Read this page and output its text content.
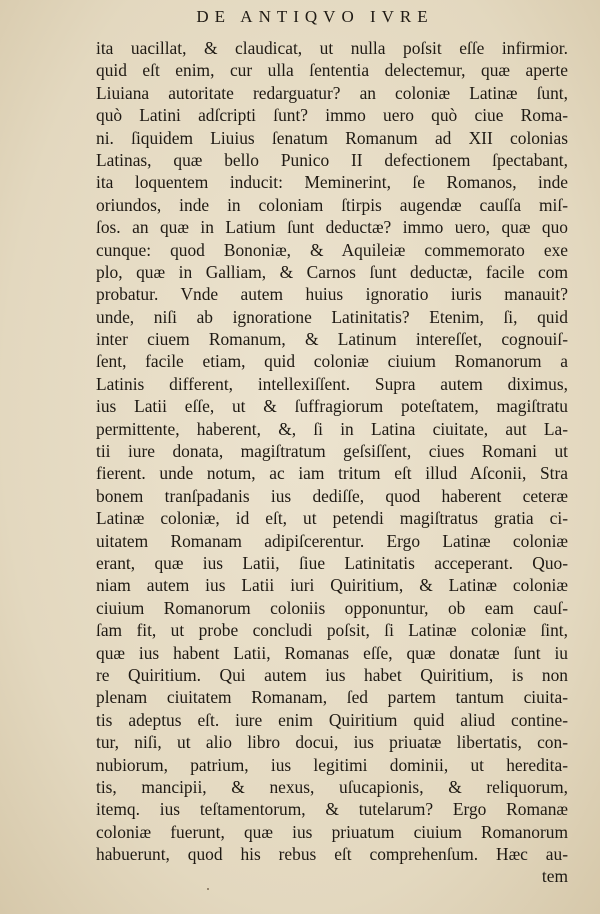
DE ANTIQVO IVRE
ita uacillat, & claudicat, ut nulla poſsit eſſe infirmior.
quid eſt enim, cur ulla ſententia delectemur, quæ aperte
Liuiana autoritate redarguatur? an coloniæ Latinæ ſunt,
quò Latini adſcripti ſunt? immo uero quò ciue Roma-
ni. ſiquidem Liuius ſenatum Romanum ad XII colonias
Latinas, quæ bello Punico II defectionem ſpectabant,
ita loquentem inducit: Meminerint, ſe Romanos, inde
oriundos, inde in coloniam ſtirpis augendæ cauſſa miſ-
ſos. an quæ in Latium ſunt deductæ? immo uero, quæ quo
cunque: quod Bononiæ, & Aquileiæ commemorato exe
plo, quæ in Galliam, & Carnos ſunt deductæ, facile com
probatur. Vnde autem huius ignoratio iuris manauit?
unde, niſi ab ignoratione Latinitatis? Etenim, ſi, quid
inter ciuem Romanum, & Latinum intereſſet, cognouiſ-
ſent, facile etiam, quid coloniæ ciuium Romanorum a
Latinis different, intellexiſſent. Supra autem diximus,
ius Latii eſſe, ut & ſuffragiorum poteſtatem, magiſtratu
permittente, haberent, &, ſi in Latina ciuitate, aut La-
tii iure donata, magiſtratum geſsiſſent, ciues Romani ut
fierent. unde notum, ac iam tritum eſt illud Aſconii, Stra
bonem tranſpadanis ius dediſſe, quod haberent ceteræ
Latinæ coloniæ, id eſt, ut petendi magiſtratus gratia ci-
uitatem Romanam adipiſcerentur. Ergo Latinæ coloniæ
erant, quæ ius Latii, ſiue Latinitatis acceperant. Quo-
niam autem ius Latii iuri Quiritium, & Latinæ coloniæ
ciuium Romanorum coloniis opponuntur, ob eam cauſ-
ſam fit, ut probe concludi poſsit, ſi Latinæ coloniæ ſint,
quæ ius habent Latii, Romanas eſſe, quæ donatæ ſunt iu
re Quiritium. Qui autem ius habet Quiritium, is non
plenam ciuitatem Romanam, ſed partem tantum ciuita-
tis adeptus eſt. iure enim Quiritium quid aliud contine-
tur, niſi, ut alio libro docui, ius priuatæ libertatis, con-
nubiorum, patrium, ius legitimi dominii, ut heredita-
tis, mancipii, & nexus, uſucapionis, & reliquorum,
itemq. ius teſtamentorum, & tutelarum? Ergo Romanæ
coloniæ fuerunt, quæ ius priuatum ciuium Romanorum
habuerunt, quod his rebus eſt comprehenſum. Hæc au-
tem
